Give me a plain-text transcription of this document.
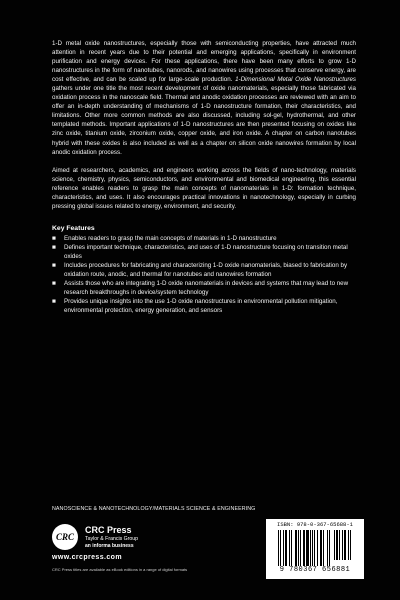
1-D metal oxide nanostructures, especially those with semiconducting properties, have attracted much attention in recent years due to their potential and emerging applications, specifically in environment purification and energy devices. For these applications, there have been many efforts to grow 1-D nanostructures in the form of nanotubes, nanorods, and nanowires using processes that conserve energy, are cost effective, and can be scaled up for large-scale production. 1-Dimensional Metal Oxide Nanostructures gathers under one title the most recent development of oxide nanomaterials, especially those fabricated via oxidation process in the nanoscale field. Thermal and anodic oxidation processes are reviewed with an aim to offer an in-depth understanding of mechanisms of 1-D nanostructure formation, their characteristics, and limitations. Other more common methods are also discussed, including sol-gel, hydrothermal, and other templated methods. Important applications of 1-D nanostructures are then presented focusing on oxides like zinc oxide, titanium oxide, zirconium oxide, copper oxide, and iron oxide. A chapter on carbon nanotubes hybrid with these oxides is also included as well as a chapter on silicon oxide nanowires formation by local anodic oxidation process.

Aimed at researchers, academics, and engineers working across the fields of nano-technology, materials science, chemistry, physics, semiconductors, and environmental and biomedical engineering, this essential reference enables readers to grasp the main concepts of nanomaterials in 1-D: formation technique, characteristics, and uses. It also encourages practical innovations in nanotechnology, especially in curbing pressing global issues related to energy, environment, and security.

Key Features
■ Enables readers to grasp the main concepts of materials in 1-D nanostructure
■ Defines important technique, characteristics, and uses of 1-D nanostructure focusing on transition metal oxides
■ Includes procedures for fabricating and characterizing 1-D oxide nanomaterials, biased to fabrication by oxidation route, anodic, and thermal for nanotubes and nanowires formation
■ Assists those who are integrating 1-D oxide nanomaterials in devices and systems that may lead to new research breakthroughs in device/system technology
■ Provides unique insights into the use 1-D oxide nanostructures in environmental pollution mitigation, environmental protection, energy generation, and sensors
NANOSCIENCE & NANOTECHNOLOGY/MATERIALS SCIENCE & ENGINEERING
CRC
CRC Press
Taylor & Francis Group
an informa business
www.crcpress.com
CRC Press titles are available as eBook editions in a range of digital formats
ISBN: 978-0-367-65688-1
9 780367 656881
